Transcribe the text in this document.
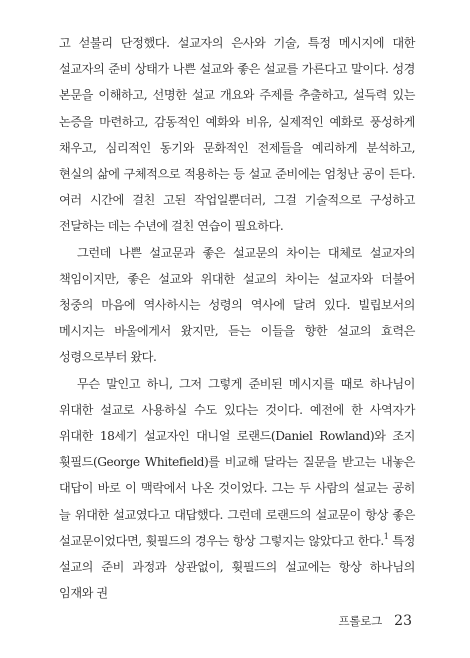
고 섣불리 단정했다. 설교자의 은사와 기술, 특정 메시지에 대한 설교자의 준비 상태가 나쁜 설교와 좋은 설교를 가른다고 말이다. 성경 본문을 이해하고, 선명한 설교 개요와 주제를 추출하고, 설득력 있는 논증을 마련하고, 감동적인 예화와 비유, 실제적인 예화로 풍성하게 채우고, 심리적인 동기와 문화적인 전제들을 예리하게 분석하고, 현실의 삶에 구체적으로 적용하는 등 설교 준비에는 엄청난 공이 든다. 여러 시간에 걸친 고된 작업일뿐더러, 그걸 기술적으로 구성하고 전달하는 데는 수년에 걸친 연습이 필요하다.

그런데 나쁜 설교문과 좋은 설교문의 차이는 대체로 설교자의 책임이지만, 좋은 설교와 위대한 설교의 차이는 설교자와 더불어 청중의 마음에 역사하시는 성령의 역사에 달려 있다. 빌립보서의 메시지는 바울에게서 왔지만, 듣는 이들을 향한 설교의 효력은 성령으로부터 왔다.

무슨 말인고 하니, 그저 그렇게 준비된 메시지를 때로 하나님이 위대한 설교로 사용하실 수도 있다는 것이다. 예전에 한 사역자가 위대한 18세기 설교자인 대니얼 로랜드(Daniel Rowland)와 조지 휫필드(George Whitefield)를 비교해 달라는 질문을 받고는 내놓은 대답이 바로 이 맥락에서 나온 것이었다. 그는 두 사람의 설교는 공히 늘 위대한 설교였다고 대답했다. 그런데 로랜드의 설교문이 항상 좋은 설교문이었다면, 휫필드의 경우는 항상 그렇지는 않았다고 한다.$^1$ 특정 설교의 준비 과정과 상관없이, 휫필드의 설교에는 항상 하나님의 임재와 권

프롤로그 23
